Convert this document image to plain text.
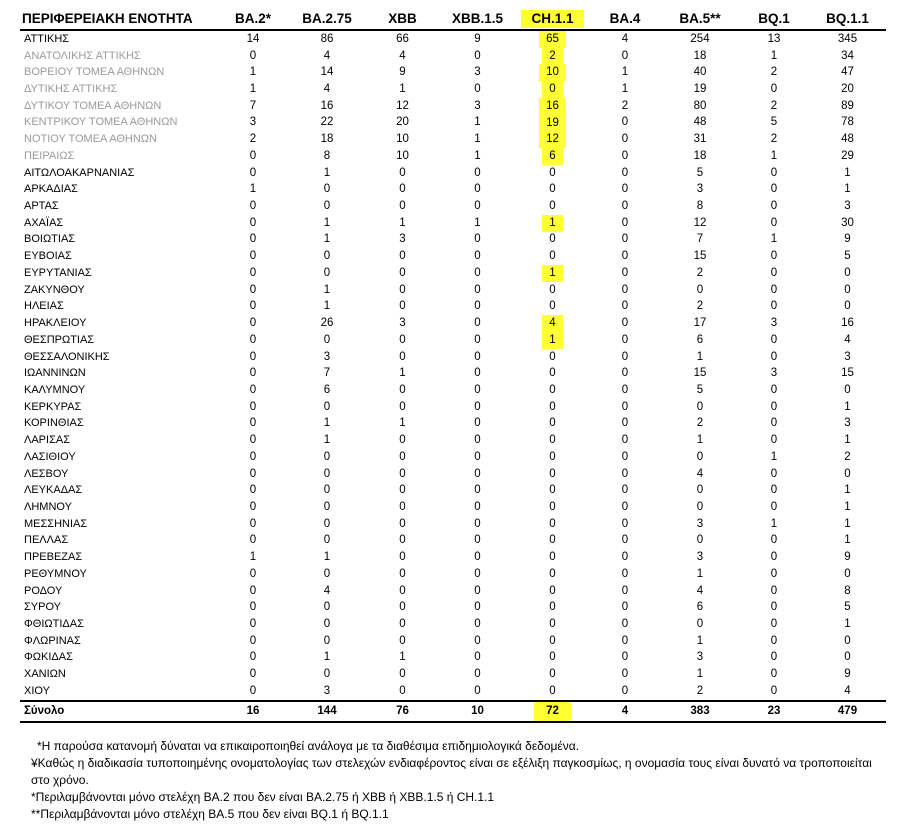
ΠΕΡΙΦΕΡΕΙΑΚΗ ΕΝΟΤΗΤΑ	BA.2*	BA.2.75	XBB	XBB.1.5	CH.1.1	BA.4	BA.5**	BQ.1	BQ.1.1
ΑΤΤΙΚΗΣ	14	86	66	9	65	4	254	13	345
ΑΝΑΤΟΛΙΚΗΣ ΑΤΤΙΚΗΣ	0	4	4	0	2	0	18	1	34
ΒΟΡΕΙΟΥ ΤΟΜΕΑ ΑΘΗΝΩΝ	1	14	9	3	10	1	40	2	47
ΔΥΤΙΚΗΣ ΑΤΤΙΚΗΣ	1	4	1	0	0	1	19	0	20
ΔΥΤΙΚΟΥ ΤΟΜΕΑ ΑΘΗΝΩΝ	7	16	12	3	16	2	80	2	89
ΚΕΝΤΡΙΚΟΥ ΤΟΜΕΑ ΑΘΗΝΩΝ	3	22	20	1	19	0	48	5	78
ΝΟΤΙΟΥ ΤΟΜΕΑ ΑΘΗΝΩΝ	2	18	10	1	12	0	31	2	48
ΠΕΙΡΑΙΩΣ	0	8	10	1	6	0	18	1	29
ΑΙΤΩΛΟΑΚΑΡΝΑΝΙΑΣ	0	1	0	0	0	0	5	0	1
ΑΡΚΑΔΙΑΣ	1	0	0	0	0	0	3	0	1
ΑΡΤΑΣ	0	0	0	0	0	0	8	0	3
ΑΧΑΪΑΣ	0	1	1	1	1	0	12	0	30
ΒΟΙΩΤΙΑΣ	0	1	3	0	0	0	7	1	9
ΕΥΒΟΙΑΣ	0	0	0	0	0	0	15	0	5
ΕΥΡΥΤΑΝΙΑΣ	0	0	0	0	1	0	2	0	0
ΖΑΚΥΝΘΟΥ	0	1	0	0	0	0	0	0	0
ΗΛΕΙΑΣ	0	1	0	0	0	0	2	0	0
ΗΡΑΚΛΕΙΟΥ	0	26	3	0	4	0	17	3	16
ΘΕΣΠΡΩΤΙΑΣ	0	0	0	0	1	0	6	0	4
ΘΕΣΣΑΛΟΝΙΚΗΣ	0	3	0	0	0	0	1	0	3
ΙΩΑΝΝΙΝΩΝ	0	7	1	0	0	0	15	3	15
ΚΑΛΥΜΝΟΥ	0	6	0	0	0	0	5	0	0
ΚΕΡΚΥΡΑΣ	0	0	0	0	0	0	0	0	1
ΚΟΡΙΝΘΙΑΣ	0	1	1	0	0	0	2	0	3
ΛΑΡΙΣΑΣ	0	1	0	0	0	0	1	0	1
ΛΑΣΙΘΙΟΥ	0	0	0	0	0	0	0	1	2
ΛΕΣΒΟΥ	0	0	0	0	0	0	4	0	0
ΛΕΥΚΑΔΑΣ	0	0	0	0	0	0	0	0	1
ΛΗΜΝΟΥ	0	0	0	0	0	0	0	0	1
ΜΕΣΣΗΝΙΑΣ	0	0	0	0	0	0	3	1	1
ΠΕΛΛΑΣ	0	0	0	0	0	0	0	0	1
ΠΡΕΒΕΖΑΣ	1	1	0	0	0	0	3	0	9
ΡΕΘΥΜΝΟΥ	0	0	0	0	0	0	1	0	0
ΡΟΔΟΥ	0	4	0	0	0	0	4	0	8
ΣΥΡΟΥ	0	0	0	0	0	0	6	0	5
ΦΘΙΩΤΙΔΑΣ	0	0	0	0	0	0	0	0	1
ΦΛΩΡΙΝΑΣ	0	0	0	0	0	0	1	0	0
ΦΩΚΙΔΑΣ	0	1	1	0	0	0	3	0	0
ΧΑΝΙΩΝ	0	0	0	0	0	0	1	0	9
ΧΙΟΥ	0	3	0	0	0	0	2	0	4
Σύνολο	16	144	76	10	72	4	383	23	479

*Η παρούσα κατανομή δύναται να επικαιροποιηθεί ανάλογα με τα διαθέσιμα επιδημιολογικά δεδομένα.

¥Καθώς η διαδικασία τυποποιημένης ονοματολογίας των στελεχών ενδιαφέροντος είναι σε εξέλιξη παγκοσμίως, η ονομασία τους είναι δυνατό να τροποποιείται στο χρόνο.

*Περιλαμβάνονται μόνο στελέχη BA.2 που δεν είναι BA.2.75 ή XBB ή XBB.1.5 ή CH.1.1

**Περιλαμβάνονται μόνο στελέχη BA.5 που δεν είναι BQ.1 ή BQ.1.1
